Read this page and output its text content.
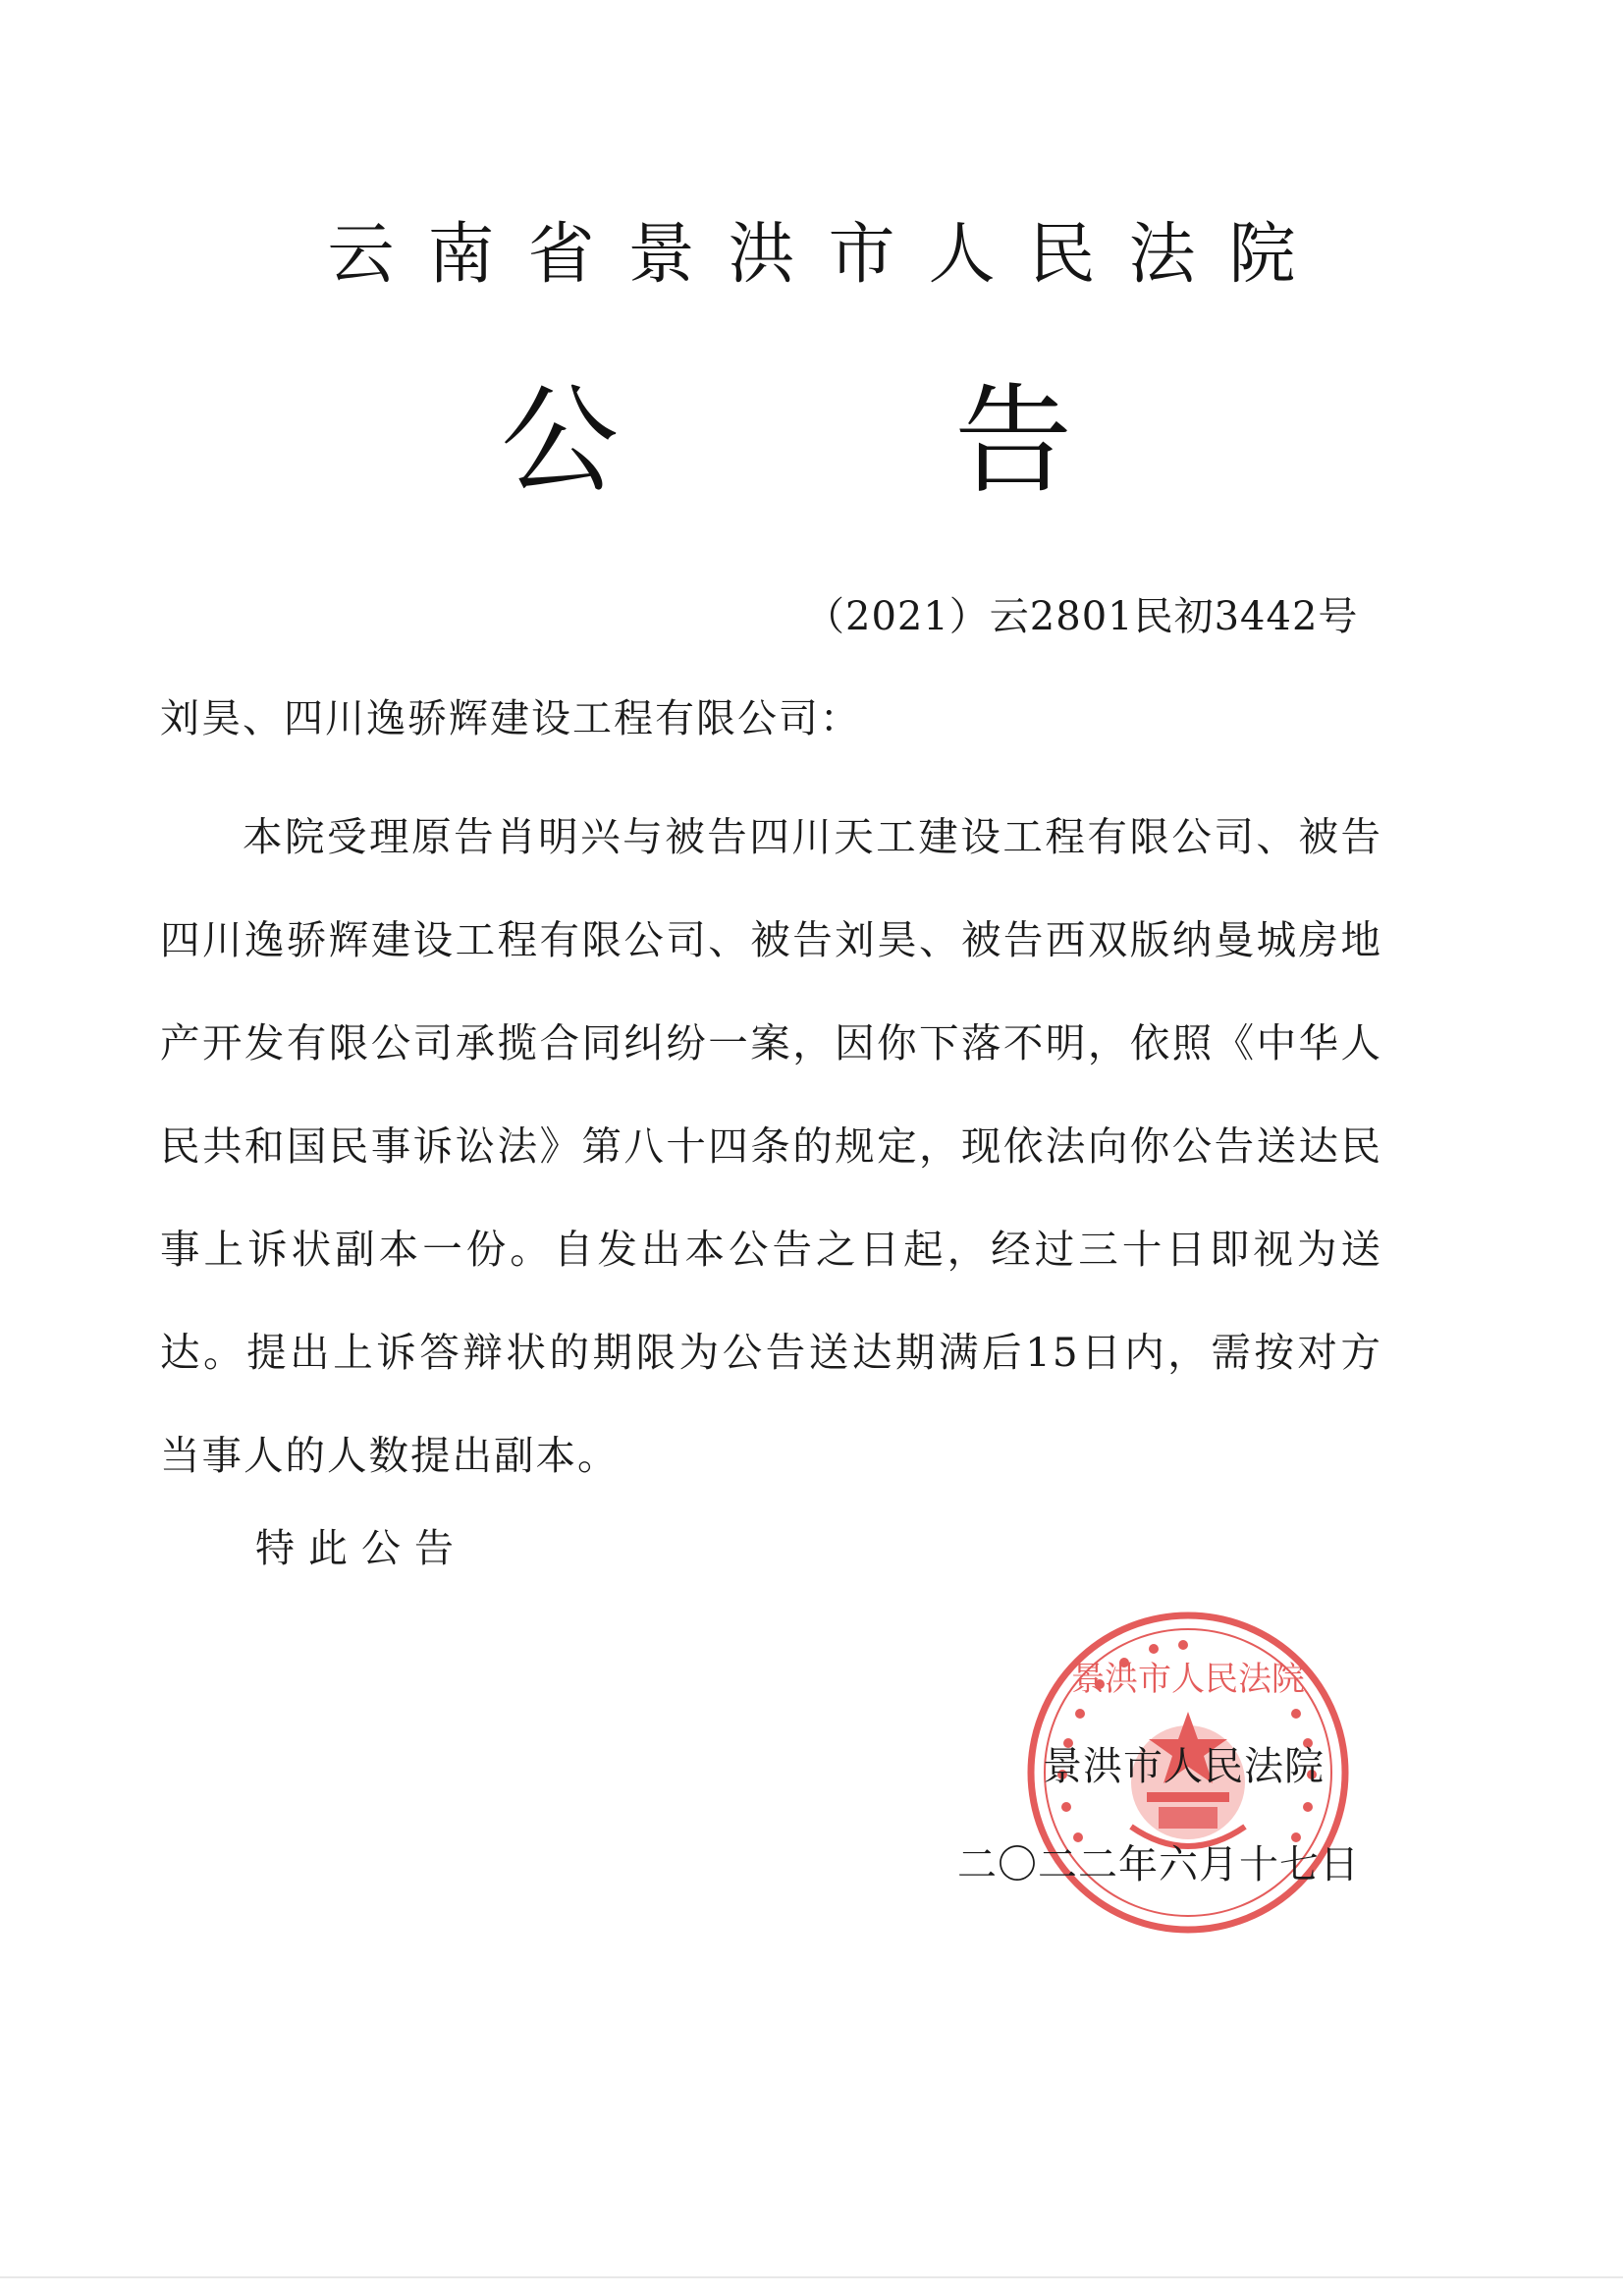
云南省景洪市人民法院
公	告
（2021）云2801民初3442号
刘昊、四川逸骄辉建设工程有限公司：
本院受理原告肖明兴与被告四川天工建设工程有限公司、被告四川逸骄辉建设工程有限公司、被告刘昊、被告西双版纳曼城房地产开发有限公司承揽合同纠纷一案，因你下落不明，依照《中华人民共和国民事诉讼法》第八十四条的规定，现依法向你公告送达民事上诉状副本一份。自发出本公告之日起，经过三十日即视为送达。提出上诉答辩状的期限为公告送达期满后15日内，需按对方当事人的人数提出副本。
特此公告
景洪市人民法院
景洪市人民法院
二〇二二年六月十七日
